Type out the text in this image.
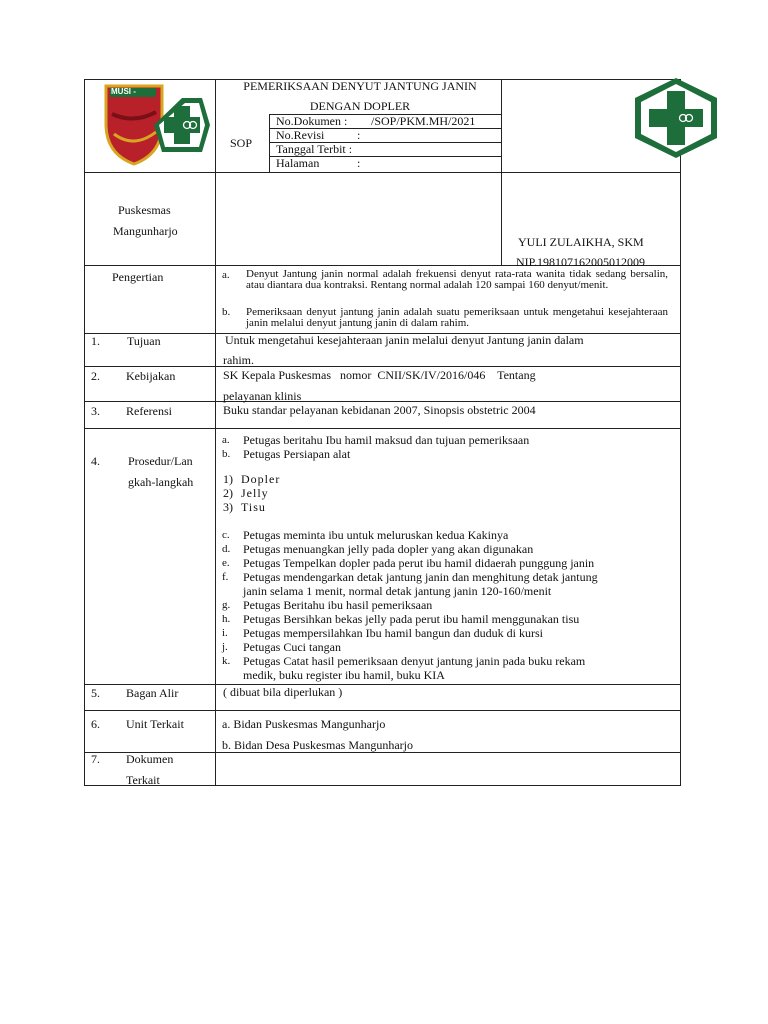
MUSI -	PEMERIKSAAN DENYUT JANTUNG JANIN
DENGAN DOPLER
SOP
No.Dokumen : /SOP/PKM.MH/2021
No.Revisi	:
Tanggal Terbit :
Halaman	:
Puskesmas
Mangunharjo
YULI ZULAIKHA, SKM
NIP.198107162005012009
Pengertian	a. Denyut Jantung janin normal adalah frekuensi denyut rata-rata wanita tidak sedang bersalin, atau diantara dua kontraksi. Rentang normal adalah 120 sampai 160 denyut/menit.
b. Pemeriksaan denyut jantung janin adalah suatu pemeriksaan untuk mengetahui kesejahteraan janin melalui denyut jantung janin di dalam rahim.
1. Tujuan	Untuk mengetahui kesejahteraan janin melalui denyut Jantung janin dalam
rahim.
2. Kebijakan	SK Kepala Puskesmas   nomor  CNII/SK/IV/2016/046    Tentang
pelayanan klinis
3. Referensi	Buku standar pelayanan kebidanan 2007, Sinopsis obstetric 2004
4. Prosedur/Lan
gkah-langkah
a. Petugas beritahu Ibu hamil maksud dan tujuan pemeriksaan
b. Petugas Persiapan alat
1) Dopler
2) Jelly
3) Tisu
c. Petugas meminta ibu untuk meluruskan kedua Kakinya
d. Petugas menuangkan jelly pada dopler yang akan digunakan
e. Petugas Tempelkan dopler pada perut ibu hamil didaerah punggung janin
f. Petugas mendengarkan detak jantung janin dan menghitung detak jantung
janin selama 1 menit, normal detak jantung janin 120-160/menit
g. Petugas Beritahu ibu hasil pemeriksaan
h. Petugas Bersihkan bekas jelly pada perut ibu hamil menggunakan tisu
i. Petugas mempersilahkan Ibu hamil bangun dan duduk di kursi
j. Petugas Cuci tangan
k. Petugas Catat hasil pemeriksaan denyut jantung janin pada buku rekam
medik, buku register ibu hamil, buku KIA
5. Bagan Alir	( dibuat bila diperlukan )
6. Unit Terkait	a. Bidan Puskesmas Mangunharjo
b. Bidan Desa Puskesmas Mangunharjo
7. Dokumen
Terkait
